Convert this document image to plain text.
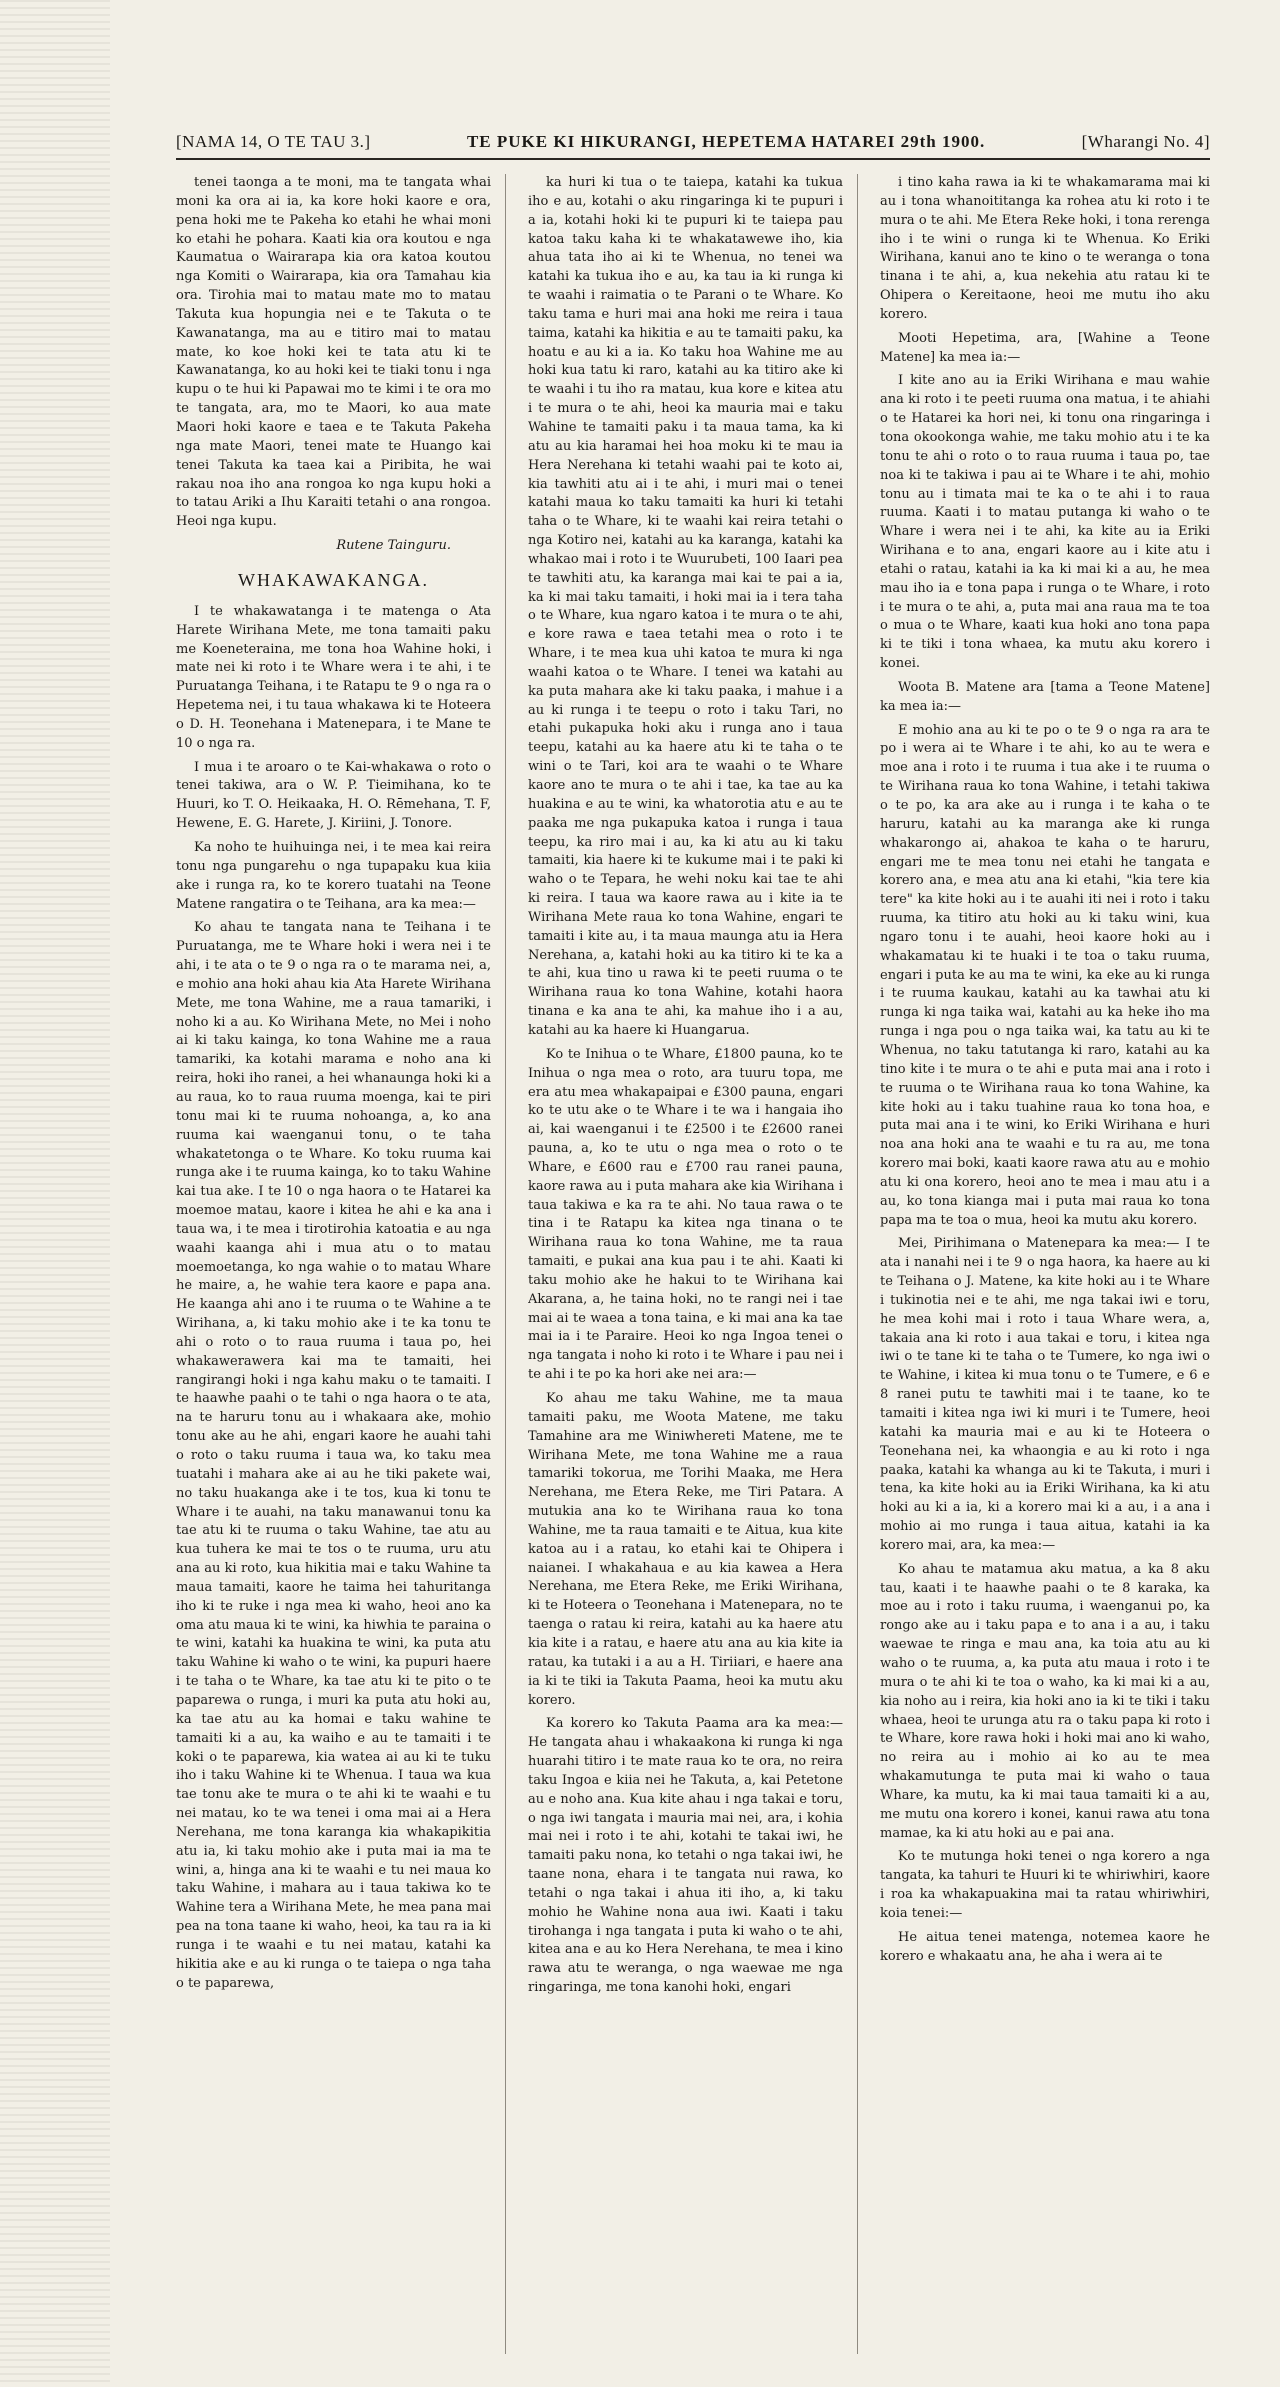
[NAMA 14, O TE TAU 3.]	TE PUKE KI HIKURANGI, HEPETEMA HATAREI 29th 1900.	[Wharangi No. 4]

tenei taonga a te moni, ma te tangata whai moni ka ora ai ia, ka kore hoki kaore e ora, pena hoki me te Pakeha ko etahi he whai moni ko etahi he pohara. Kaati kia ora koutou e nga Kaumatua o Wairarapa kia ora katoa koutou nga Komiti o Wairarapa, kia ora Tamahau kia ora. Tirohia mai to matau mate mo to matau Takuta kua hopungia nei e te Takuta o te Kawanatanga, ma au e titiro mai to matau mate, ko koe hoki kei te tata atu ki te Kawanatanga, ko au hoki kei te tiaki tonu i nga kupu o te hui ki Papawai mo te kimi i te ora mo te tangata, ara, mo te Maori, ko aua mate Maori hoki kaore e taea e te Takuta Pakeha nga mate Maori, tenei mate te Huango kai tenei Takuta ka taea kai a Piribita, he wai rakau noa iho ana rongoa ko nga kupu hoki a to tatau Ariki a Ihu Karaiti tetahi o ana rongoa. Heoi nga kupu.

Rutene Tainguru.

WHAKAWAKANGA.

I te whakawatanga i te matenga o Ata Harete Wirihana Mete, me tona tamaiti paku me Koeneteraina, me tona hoa Wahine hoki, i mate nei ki roto i te Whare wera i te ahi, i te Puruatanga Teihana, i te Ratapu te 9 o nga ra o Hepetema nei, i tu taua whakawa ki te Hoteera o D. H. Teonehana i Matenepara, i te Mane te 10 o nga ra.

I mua i te aroaro o te Kai-whakawa o roto o tenei takiwa, ara o W. P. Tieimihana, ko te Huuri, ko T. O. Heikaaka, H. O. Rēmehana, T. F, Hewene, E. G. Harete, J. Kiriini, J. Tonore.

Ka noho te huihuinga nei, i te mea kai reira tonu nga pungarehu o nga tupapaku kua kiia ake i runga ra, ko te korero tuatahi na Teone Matene rangatira o te Teihana, ara ka mea:—

Ko ahau te tangata nana te Teihana i te Puruatanga, me te Whare hoki i wera nei i te ahi, i te ata o te 9 o nga ra o te marama nei, a, e mohio ana hoki ahau kia Ata Harete Wirihana Mete, me tona Wahine, me a raua tamariki, i noho ki a au. Ko Wirihana Mete, no Mei i noho ai ki taku kainga, ko tona Wahine me a raua tamariki, ka kotahi marama e noho ana ki reira, hoki iho ranei, a hei whanaunga hoki ki a au raua, ko to raua ruuma moenga, kai te piri tonu mai ki te ruuma nohoanga, a, ko ana ruuma kai waenganui tonu, o te taha whakatetonga o te Whare. Ko toku ruuma kai runga ake i te ruuma kainga, ko to taku Wahine kai tua ake. I te 10 o nga haora o te Hatarei ka moemoe matau, kaore i kitea he ahi e ka ana i taua wa, i te mea i tirotirohia katoatia e au nga waahi kaanga ahi i mua atu o to matau moemoetanga, ko nga wahie o to matau Whare he maire, a, he wahie tera kaore e papa ana. He kaanga ahi ano i te ruuma o te Wahine a te Wirihana, a, ki taku mohio ake i te ka tonu te ahi o roto o to raua ruuma i taua po, hei whakawerawera kai ma te tamaiti, hei rangirangi hoki i nga kahu maku o te tamaiti. I te haawhe paahi o te tahi o nga haora o te ata, na te haruru tonu au i whakaara ake, mohio tonu ake au he ahi, engari kaore he auahi tahi o roto o taku ruuma i taua wa, ko taku mea tuatahi i mahara ake ai au he tiki pakete wai, no taku huakanga ake i te tos, kua ki tonu te Whare i te auahi, na taku manawanui tonu ka tae atu ki te ruuma o taku Wahine, tae atu au kua tuhera ke mai te tos o te ruuma, uru atu ana au ki roto, kua hikitia mai e taku Wahine ta maua tamaiti, kaore he taima hei tahuritanga iho ki te ruke i nga mea ki waho, heoi ano ka oma atu maua ki te wini, ka hiwhia te paraina o te wini, katahi ka huakina te wini, ka puta atu taku Wahine ki waho o te wini, ka pupuri haere i te taha o te Whare, ka tae atu ki te pito o te paparewa o runga, i muri ka puta atu hoki au, ka tae atu au ka homai e taku wahine te tamaiti ki a au, ka waiho e au te tamaiti i te koki o te paparewa, kia watea ai au ki te tuku iho i taku Wahine ki te Whenua. I taua wa kua tae tonu ake te mura o te ahi ki te waahi e tu nei matau, ko te wa tenei i oma mai ai a Hera Nerehana, me tona karanga kia whakapikitia atu ia, ki taku mohio ake i puta mai ia ma te wini, a, hinga ana ki te waahi e tu nei maua ko taku Wahine, i mahara au i taua takiwa ko te Wahine tera a Wirihana Mete, he mea pana mai pea na tona taane ki waho, heoi, ka tau ra ia ki runga i te waahi e tu nei matau, katahi ka hikitia ake e au ki runga o te taiepa o nga taha o te paparewa,

ka huri ki tua o te taiepa, katahi ka tukua iho e au, kotahi o aku ringaringa ki te pupuri i a ia, kotahi hoki ki te pupuri ki te taiepa pau katoa taku kaha ki te whakatawewe iho, kia ahua tata iho ai ki te Whenua, no tenei wa katahi ka tukua iho e au, ka tau ia ki runga ki te waahi i raimatia o te Parani o te Whare. Ko taku tama e huri mai ana hoki me reira i taua taima, katahi ka hikitia e au te tamaiti paku, ka hoatu e au ki a ia. Ko taku hoa Wahine me au hoki kua tatu ki raro, katahi au ka titiro ake ki te waahi i tu iho ra matau, kua kore e kitea atu i te mura o te ahi, heoi ka mauria mai e taku Wahine te tamaiti paku i ta maua tama, ka ki atu au kia haramai hei hoa moku ki te mau ia Hera Nerehana ki tetahi waahi pai te koto ai, kia tawhiti atu ai i te ahi, i muri mai o tenei katahi maua ko taku tamaiti ka huri ki tetahi taha o te Whare, ki te waahi kai reira tetahi o nga Kotiro nei, katahi au ka karanga, katahi ka whakao mai i roto i te Wuurubeti, 100 Iaari pea te tawhiti atu, ka karanga mai kai te pai a ia, ka ki mai taku tamaiti, i hoki mai ia i tera taha o te Whare, kua ngaro katoa i te mura o te ahi, e kore rawa e taea tetahi mea o roto i te Whare, i te mea kua uhi katoa te mura ki nga waahi katoa o te Whare. I tenei wa katahi au ka puta mahara ake ki taku paaka, i mahue i a au ki runga i te teepu o roto i taku Tari, no etahi pukapuka hoki aku i runga ano i taua teepu, katahi au ka haere atu ki te taha o te wini o te Tari, koi ara te waahi o te Whare kaore ano te mura o te ahi i tae, ka tae au ka huakina e au te wini, ka whatorotia atu e au te paaka me nga pukapuka katoa i runga i taua teepu, ka riro mai i au, ka ki atu au ki taku tamaiti, kia haere ki te kukume mai i te paki ki waho o te Tepara, he wehi noku kai tae te ahi ki reira. I taua wa kaore rawa au i kite ia te Wirihana Mete raua ko tona Wahine, engari te tamaiti i kite au, i ta maua maunga atu ia Hera Nerehana, a, katahi hoki au ka titiro ki te ka a te ahi, kua tino u rawa ki te peeti ruuma o te Wirihana raua ko tona Wahine, kotahi haora tinana e ka ana te ahi, ka mahue iho i a au, katahi au ka haere ki Huangarua.

Ko te Inihua o te Whare, £1800 pauna, ko te Inihua o nga mea o roto, ara tuuru topa, me era atu mea whakapaipai e £300 pauna, engari ko te utu ake o te Whare i te wa i hangaia iho ai, kai waenganui i te £2500 i te £2600 ranei pauna, a, ko te utu o nga mea o roto o te Whare, e £600 rau e £700 rau ranei pauna, kaore rawa au i puta mahara ake kia Wirihana i taua takiwa e ka ra te ahi. No taua rawa o te tina i te Ratapu ka kitea nga tinana o te Wirihana raua ko tona Wahine, me ta raua tamaiti, e pukai ana kua pau i te ahi. Kaati ki taku mohio ake he hakui to te Wirihana kai Akarana, a, he taina hoki, no te rangi nei i tae mai ai te waea a tona taina, e ki mai ana ka tae mai ia i te Paraire. Heoi ko nga Ingoa tenei o nga tangata i noho ki roto i te Whare i pau nei i te ahi i te po ka hori ake nei ara:—

Ko ahau me taku Wahine, me ta maua tamaiti paku, me Woota Matene, me taku Tamahine ara me Winiwhereti Matene, me te Wirihana Mete, me tona Wahine me a raua tamariki tokorua, me Torihi Maaka, me Hera Nerehana, me Etera Reke, me Tiri Patara. A mutukia ana ko te Wirihana raua ko tona Wahine, me ta raua tamaiti e te Aitua, kua kite katoa au i a ratau, ko etahi kai te Ohipera i naianei. I whakahaua e au kia kawea a Hera Nerehana, me Etera Reke, me Eriki Wirihana, ki te Hoteera o Teonehana i Matenepara, no te taenga o ratau ki reira, katahi au ka haere atu kia kite i a ratau, e haere atu ana au kia kite ia ratau, ka tutaki i a au a H. Tiriiari, e haere ana ia ki te tiki ia Takuta Paama, heoi ka mutu aku korero.

Ka korero ko Takuta Paama ara ka mea:— He tangata ahau i whakaakona ki runga ki nga huarahi titiro i te mate raua ko te ora, no reira taku Ingoa e kiia nei he Takuta, a, kai Petetone au e noho ana. Kua kite ahau i nga takai e toru, o nga iwi tangata i mauria mai nei, ara, i kohia mai nei i roto i te ahi, kotahi te takai iwi, he tamaiti paku nona, ko tetahi o nga takai iwi, he taane nona, ehara i te tangata nui rawa, ko tetahi o nga takai i ahua iti iho, a, ki taku mohio he Wahine nona aua iwi. Kaati i taku tirohanga i nga tangata i puta ki waho o te ahi, kitea ana e au ko Hera Nerehana, te mea i kino rawa atu te weranga, o nga waewae me nga ringaringa, me tona kanohi hoki, engari

i tino kaha rawa ia ki te whakamarama mai ki au i tona whanoititanga ka rohea atu ki roto i te mura o te ahi. Me Etera Reke hoki, i tona rerenga iho i te wini o runga ki te Whenua. Ko Eriki Wirihana, kanui ano te kino o te weranga o tona tinana i te ahi, a, kua nekehia atu ratau ki te Ohipera o Kereitaone, heoi me mutu iho aku korero.

Mooti Hepetima, ara, [Wahine a Teone Matene] ka mea ia:—

I kite ano au ia Eriki Wirihana e mau wahie ana ki roto i te peeti ruuma ona matua, i te ahiahi o te Hatarei ka hori nei, ki tonu ona ringaringa i tona okookonga wahie, me taku mohio atu i te ka tonu te ahi o roto o to raua ruuma i taua po, tae noa ki te takiwa i pau ai te Whare i te ahi, mohio tonu au i timata mai te ka o te ahi i to raua ruuma. Kaati i to matau putanga ki waho o te Whare i wera nei i te ahi, ka kite au ia Eriki Wirihana e to ana, engari kaore au i kite atu i etahi o ratau, katahi ia ka ki mai ki a au, he mea mau iho ia e tona papa i runga o te Whare, i roto i te mura o te ahi, a, puta mai ana raua ma te toa o mua o te Whare, kaati kua hoki ano tona papa ki te tiki i tona whaea, ka mutu aku korero i konei.

Woota B. Matene ara [tama a Teone Matene] ka mea ia:—

E mohio ana au ki te po o te 9 o nga ra ara te po i wera ai te Whare i te ahi, ko au te wera e moe ana i roto i te ruuma i tua ake i te ruuma o te Wirihana raua ko tona Wahine, i tetahi takiwa o te po, ka ara ake au i runga i te kaha o te haruru, katahi au ka maranga ake ki runga whakarongo ai, ahakoa te kaha o te haruru, engari me te mea tonu nei etahi he tangata e korero ana, e mea atu ana ki etahi, "kia tere kia tere" ka kite hoki au i te auahi iti nei i roto i taku ruuma, ka titiro atu hoki au ki taku wini, kua ngaro tonu i te auahi, heoi kaore hoki au i whakamatau ki te huaki i te toa o taku ruuma, engari i puta ke au ma te wini, ka eke au ki runga i te ruuma kaukau, katahi au ka tawhai atu ki runga ki nga taika wai, katahi au ka heke iho ma runga i nga pou o nga taika wai, ka tatu au ki te Whenua, no taku tatutanga ki raro, katahi au ka tino kite i te mura o te ahi e puta mai ana i roto i te ruuma o te Wirihana raua ko tona Wahine, ka kite hoki au i taku tuahine raua ko tona hoa, e puta mai ana i te wini, ko Eriki Wirihana e huri noa ana hoki ana te waahi e tu ra au, me tona korero mai boki, kaati kaore rawa atu au e mohio atu ki ona korero, heoi ano te mea i mau atu i a au, ko tona kianga mai i puta mai raua ko tona papa ma te toa o mua, heoi ka mutu aku korero.

Mei, Pirihimana o Matenepara ka mea:— I te ata i nanahi nei i te 9 o nga haora, ka haere au ki te Teihana o J. Matene, ka kite hoki au i te Whare i tukinotia nei e te ahi, me nga takai iwi e toru, he mea kohi mai i roto i taua Whare wera, a, takaia ana ki roto i aua takai e toru, i kitea nga iwi o te tane ki te taha o te Tumere, ko nga iwi o te Wahine, i kitea ki mua tonu o te Tumere, e 6 e 8 ranei putu te tawhiti mai i te taane, ko te tamaiti i kitea nga iwi ki muri i te Tumere, heoi katahi ka mauria mai e au ki te Hoteera o Teonehana nei, ka whaongia e au ki roto i nga paaka, katahi ka whanga au ki te Takuta, i muri i tena, ka kite hoki au ia Eriki Wirihana, ka ki atu hoki au ki a ia, ki a korero mai ki a au, i a ana i mohio ai mo runga i taua aitua, katahi ia ka korero mai, ara, ka mea:—

Ko ahau te matamua aku matua, a ka 8 aku tau, kaati i te haawhe paahi o te 8 karaka, ka moe au i roto i taku ruuma, i waenganui po, ka rongo ake au i taku papa e to ana i a au, i taku waewae te ringa e mau ana, ka toia atu au ki waho o te ruuma, a, ka puta atu maua i roto i te mura o te ahi ki te toa o waho, ka ki mai ki a au, kia noho au i reira, kia hoki ano ia ki te tiki i taku whaea, heoi te urunga atu ra o taku papa ki roto i te Whare, kore rawa hoki i hoki mai ano ki waho, no reira au i mohio ai ko au te mea whakamutunga te puta mai ki waho o taua Whare, ka mutu, ka ki mai taua tamaiti ki a au, me mutu ona korero i konei, kanui rawa atu tona mamae, ka ki atu hoki au e pai ana.

Ko te mutunga hoki tenei o nga korero a nga tangata, ka tahuri te Huuri ki te whiriwhiri, kaore i roa ka whakapuakina mai ta ratau whiriwhiri, koia tenei:—

He aitua tenei matenga, notemea kaore he korero e whakaatu ana, he aha i wera ai te
